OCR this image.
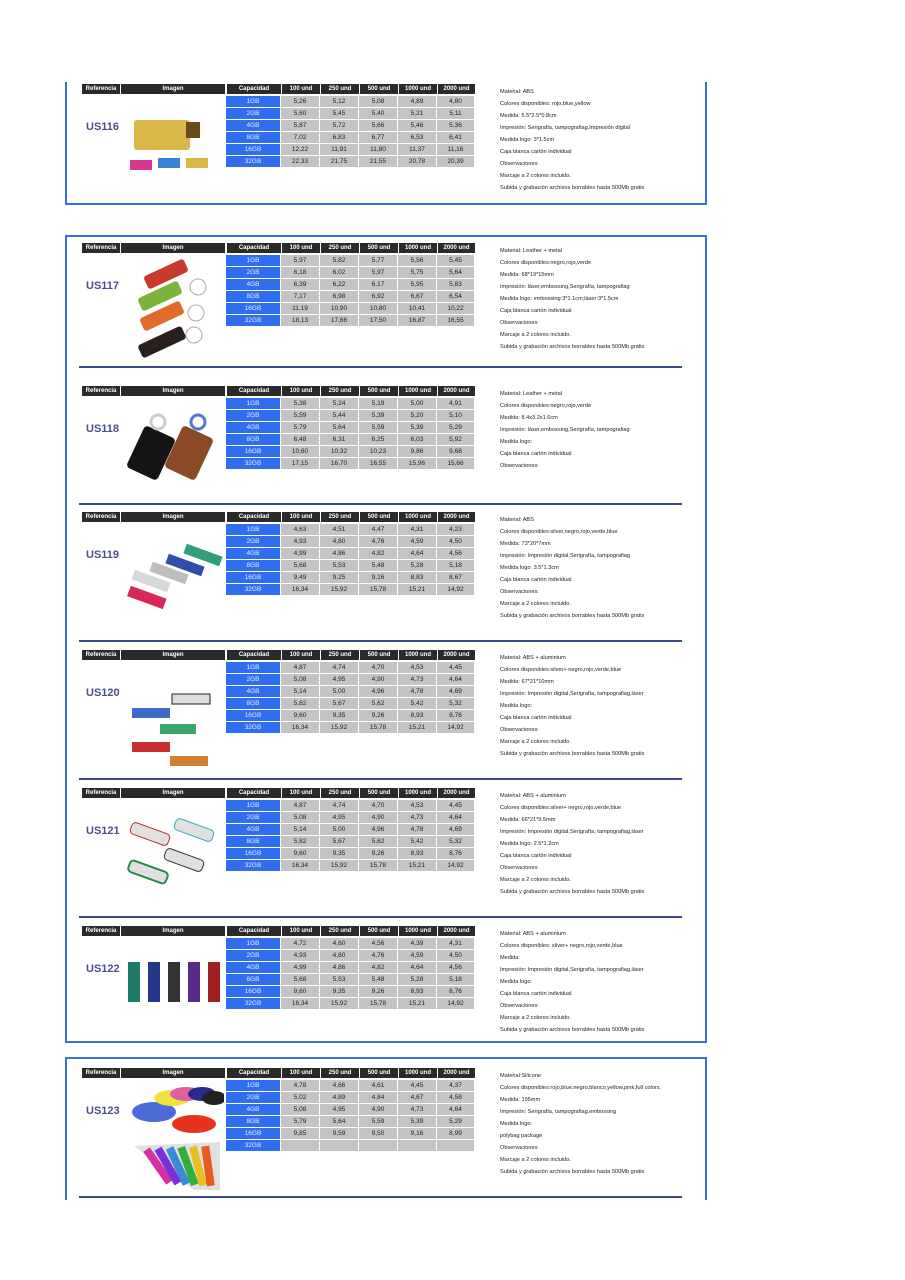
Referencia	Imagen	Capacidad	100 und	250 und	500 und	1000 und	2000 und
US116
1GB	5,26	5,12	5,08	4,89	4,80
2GB	5,60	5,45	5,40	5,21	5,11
4GB	5,87	5,72	5,66	5,46	5,36
8GB	7,02	6,83	6,77	6,53	6,41
16GB	12,22	11,91	11,80	11,37	11,16
32GB	22,33	21,75	21,55	20,78	20,39
Material: ABS
Colores disponibles: rojo,blue,yellow
Medida: 5.5*2.5*0.8cm
Impresión: Serigrafía, tampografiag,Impresión digital
Medida logo: 3*1.5cm
Caja blanca cartón individual
Observaciones:
Marcaje a 2 colores incluido.
Subida y grabación archivos borrables hasta 500Mb gratis
Referencia	Imagen	Capacidad	100 und	250 und	500 und	1000 und	2000 und
US117
1GB	5,97	5,82	5,77	5,56	5,45
2GB	6,18	6,02	5,97	5,75	5,64
4GB	6,39	6,22	6,17	5,95	5,83
8GB	7,17	6,98	6,92	6,67	6,54
16GB	11,19	10,90	10,80	10,41	10,22
32GB	18,13	17,66	17,50	16,87	16,55
Material: Leather + metal
Colores disponibles:negro,rojo,verde
Medida: 68*19*15mm
Impresión: láser,embossing,Serigrafía, tampografiag
Medida logo: embossing:3*1.1cm;láser:3*1.5cm
Caja blanca cartón individual
Observaciones:
Marcaje a 2 colores incluido.
Subida y grabación archivos borrables hasta 500Mb gratis
Referencia	Imagen	Capacidad	100 und	250 und	500 und	1000 und	2000 und
US118
1GB	5,38	5,24	5,19	5,00	4,91
2GB	5,59	5,44	5,39	5,20	5,10
4GB	5,79	5,64	5,59	5,39	5,29
8GB	6,48	6,31	6,25	6,03	5,92
16GB	10,60	10,32	10,23	9,86	9,68
32GB	17,15	16,70	16,55	15,96	15,66
Material: Leather + metal
Colores disponibles:negro,rojo,verde
Medida: 8.4x3.2x1.6cm
Impresión: láser,embossing,Serigrafía, tampografiag
Medida logo:
Caja blanca cartón individual
Observaciones:
Referencia	Imagen	Capacidad	100 und	250 und	500 und	1000 und	2000 und
US119
1GB	4,63	4,51	4,47	4,31	4,23
2GB	4,93	4,80	4,76	4,59	4,50
4GB	4,99	4,86	4,82	4,64	4,56
8GB	5,68	5,53	5,48	5,28	5,18
16GB	9,49	9,25	9,16	8,83	8,67
32GB	16,34	15,92	15,78	15,21	14,92
Material: ABS
Colores disponibles:silver,negro,rojo,verde,blue
Medida: 73*20*7mm
Impresión: Impresión digital,Serigrafía, tampografiag
Medida logo: 3.5*1.3cm
Caja blanca cartón individual
Observaciones:
Marcaje a 2 colores incluido.
Subida y grabación archivos borrables hasta 500Mb gratis
Referencia	Imagen	Capacidad	100 und	250 und	500 und	1000 und	2000 und
US120
1GB	4,87	4,74	4,70	4,53	4,45
2GB	5,08	4,95	4,90	4,73	4,64
4GB	5,14	5,00	4,96	4,78	4,69
8GB	5,82	5,67	5,62	5,42	5,32
16GB	9,60	9,35	9,26	8,93	8,76
32GB	16,34	15,92	15,78	15,21	14,92
Material: ABS + aluminium
Colores disponibles:silver+ negro,rojo,verde,blue
Medida: 67*21*10mm
Impresión: Impresión digital,Serigrafía, tampografiag,láser
Medida logo:
Caja blanca cartón individual
Observaciones:
Marcaje a 2 colores incluido.
Subida y grabación archivos borrables hasta 500Mb gratis
Referencia	Imagen	Capacidad	100 und	250 und	500 und	1000 und	2000 und
US121
1GB	4,87	4,74	4,70	4,53	4,45
2GB	5,08	4,95	4,90	4,73	4,64
4GB	5,14	5,00	4,96	4,78	4,69
8GB	5,82	5,67	5,62	5,42	5,32
16GB	9,60	9,35	9,26	8,93	8,76
32GB	16,34	15,92	15,78	15,21	14,92
Material: ABS + aluminium
Colores disponibles:silver+ negro,rojo,verde,blue
Medida: 66*21*9.5mm
Impresión: Impresión digital,Serigrafía, tampografiag,láser
Medida logo: 2.5*1.2cm
Caja blanca cartón individual
Observaciones:
Marcaje a 2 colores incluido.
Subida y grabación archivos borrables hasta 500Mb gratis
Referencia	Imagen	Capacidad	100 und	250 und	500 und	1000 und	2000 und
US122
1GB	4,72	4,60	4,56	4,39	4,31
2GB	4,93	4,80	4,76	4,59	4,50
4GB	4,99	4,86	4,82	4,64	4,56
8GB	5,68	5,53	5,48	5,28	5,18
16GB	9,60	9,35	9,26	8,93	8,76
32GB	16,34	15,92	15,78	15,21	14,92
Material: ABS + aluminium
Colores disponibles: silver+ negro,rojo,verde,blue
Medida:
Impresión: Impresión digital,Serigrafía, tampografiag,láser
Medida logo:
Caja blanca cartón individual
Observaciones:
Marcaje a 2 colores incluido.
Subida y grabación archivos borrables hasta 500Mb gratis
Referencia	Imagen	Capacidad	100 und	250 und	500 und	1000 und	2000 und
US123
1GB	4,78	4,66	4,61	4,45	4,37
2GB	5,02	4,89	4,84	4,67	4,58
4GB	5,08	4,95	4,90	4,73	4,64
8GB	5,79	5,64	5,59	5,39	5,29
16GB	9,85	9,59	9,50	9,16	8,99
32GB
Material:Silicone
Colores disponibles:rojo,blue,negro,blanco,yellow,pink,full colors.
Medida: 195mm
Impresión: Serigrafía, tampografiag,embossing
Medida logo:
polybag package
Observaciones:
Marcaje a 2 colores incluido.
Subida y grabación archivos borrables hasta 500Mb gratis
